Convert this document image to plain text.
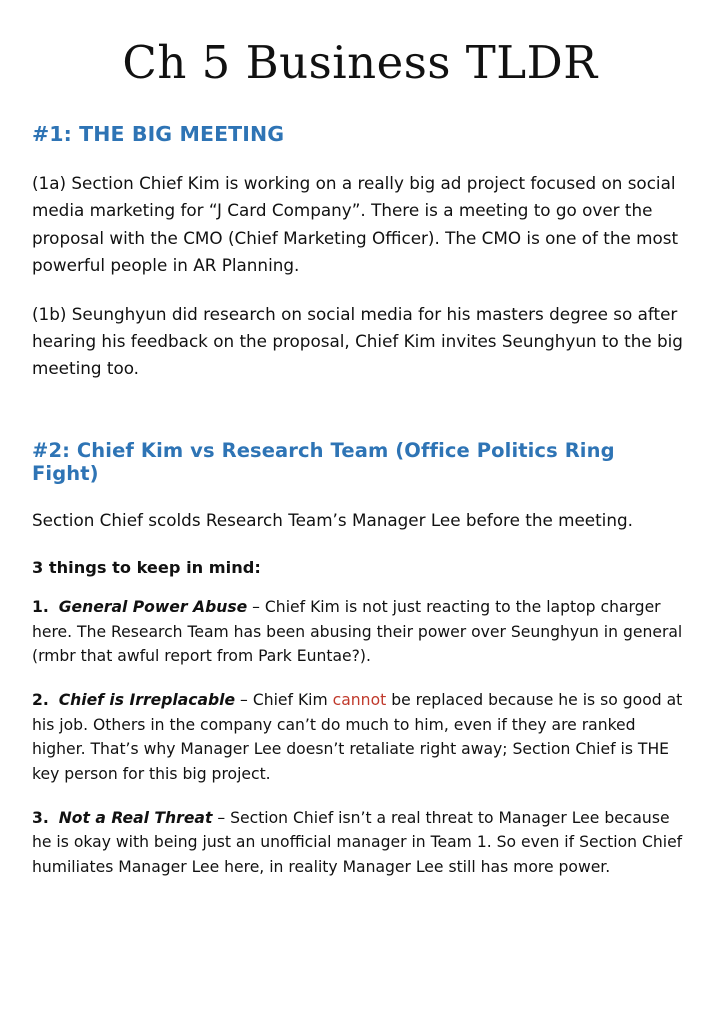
Ch 5 Business TLDR
#1: THE BIG MEETING

(1a) Section Chief Kim is working on a really big ad project focused on social media marketing for “J Card Company”. There is a meeting to go over the proposal with the CMO (Chief Marketing Officer). The CMO is one of the most powerful people in AR Planning.

(1b) Seunghyun did research on social media for his masters degree so after hearing his feedback on the proposal, Chief Kim invites Seunghyun to the big meeting too.

#2: Chief Kim vs Research Team (Office Politics Ring Fight)

Section Chief scolds Research Team’s Manager Lee before the meeting.

3 things to keep in mind:

1. General Power Abuse – Chief Kim is not just reacting to the laptop charger here. The Research Team has been abusing their power over Seunghyun in general (rmbr that awful report from Park Euntae?).

2. Chief is Irreplacable – Chief Kim cannot be replaced because he is so good at his job. Others in the company can’t do much to him, even if they are ranked higher. That’s why Manager Lee doesn’t retaliate right away; Section Chief is THE key person for this big project.

3. Not a Real Threat – Section Chief isn’t a real threat to Manager Lee because he is okay with being just an unofficial manager in Team 1. So even if Section Chief humiliates Manager Lee here, in reality Manager Lee still has more power.
